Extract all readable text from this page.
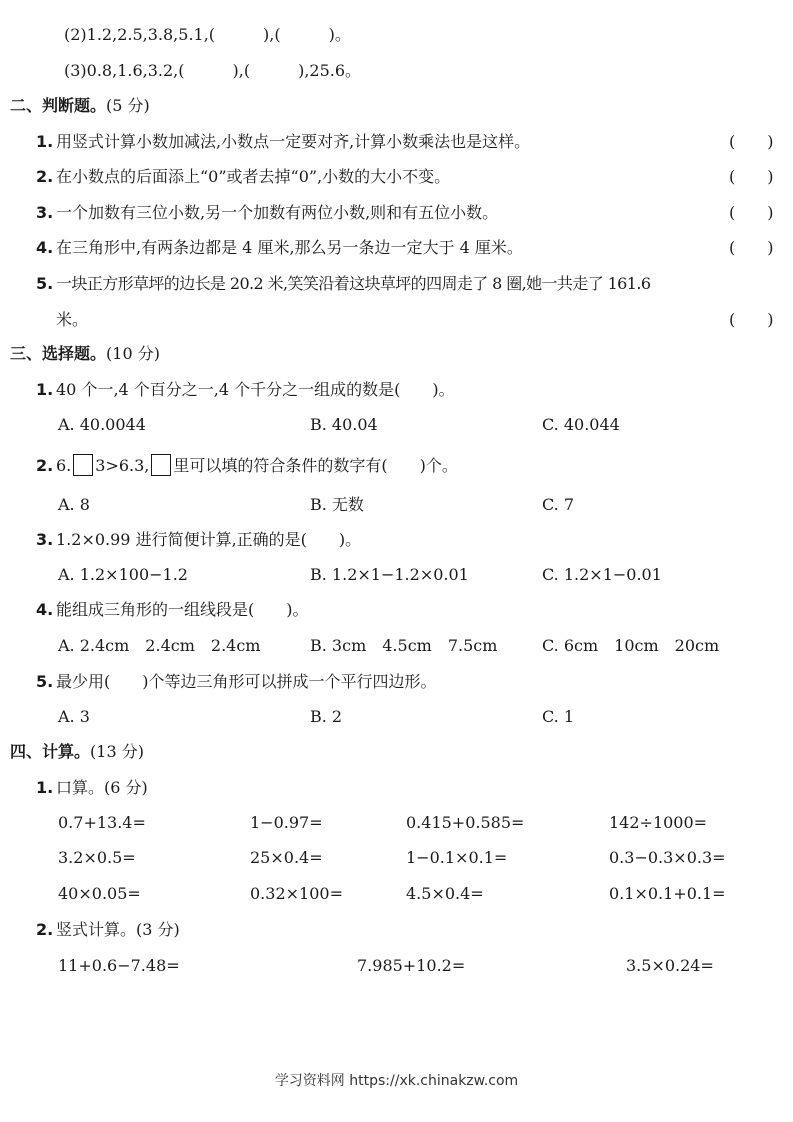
(2)1.2,2.5,3.8,5.1,(　　　),(　　　)。
(3)0.8,1.6,3.2,(　　　),(　　　),25.6。
二、判断题。(5 分)
1. 用竖式计算小数加减法,小数点一定要对齐,计算小数乘法也是这样。	(　　)
2. 在小数点的后面添上“0”或者去掉“0”,小数的大小不变。	(　　)
3. 一个加数有三位小数,另一个加数有两位小数,则和有五位小数。	(　　)
4. 在三角形中,有两条边都是 4 厘米,那么另一条边一定大于 4 厘米。	(　　)
5. 一块正方形草坪的边长是 20.2 米,笑笑沿着这块草坪的四周走了 8 圈,她一共走了 161.6
米。	(　　)
三、选择题。(10 分)
1. 40 个一,4 个百分之一,4 个千分之一组成的数是(　　)。
A. 40.0044	B. 40.04	C. 40.044
2. 6. 3>6.3, 里可以填的符合条件的数字有(　　)个。
A. 8	B. 无数	C. 7
3. 1.2×0.99 进行简便计算,正确的是(　　)。
A. 1.2×100−1.2	B. 1.2×1−1.2×0.01	C. 1.2×1−0.01
4. 能组成三角形的一组线段是(　　)。
A. 2.4cm　2.4cm　2.4cm	B. 3cm　4.5cm　7.5cm	C. 6cm　10cm　20cm
5. 最少用(　　)个等边三角形可以拼成一个平行四边形。
A. 3	B. 2	C. 1
四、计算。(13 分)
1. 口算。(6 分)
0.7+13.4=	1−0.97=	0.415+0.585=	142÷1000=
3.2×0.5=	25×0.4=	1−0.1×0.1=	0.3−0.3×0.3=
40×0.05=	0.32×100=	4.5×0.4=	0.1×0.1+0.1=
2. 竖式计算。(3 分)
11+0.6−7.48=	7.985+10.2=	3.5×0.24=
学习资料网 https://xk.chinakzw.com
